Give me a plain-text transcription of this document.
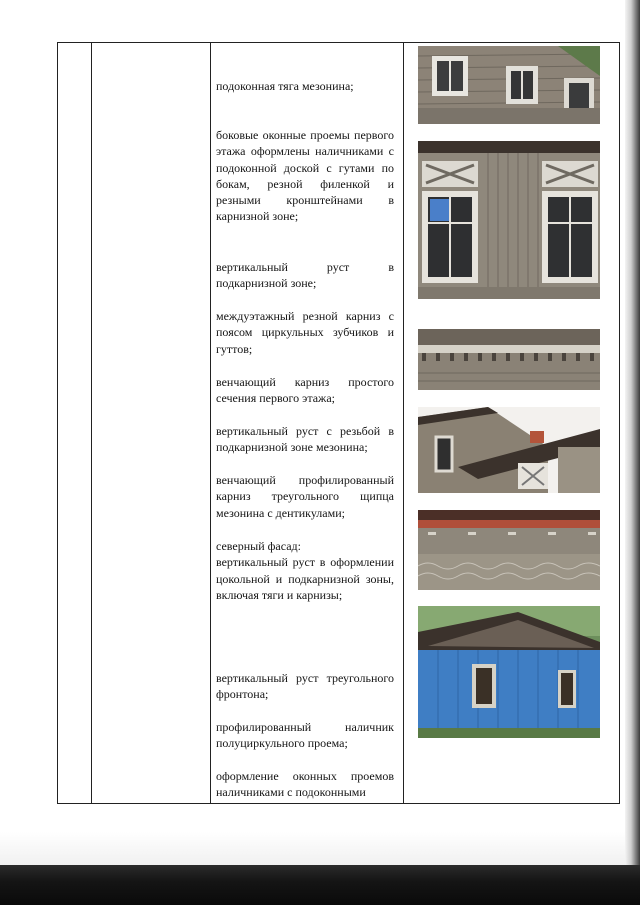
подоконная тяга мезонина;
боковые оконные проемы первого этажа оформлены наличниками с подоконной доской с гутами по бокам, резной филенкой и резными кронштейнами в карнизной зоне;
вертикальный руст в подкарнизной зоне;
междуэтажный резной карниз с поясом циркульных зубчиков и гуттов;
венчающий карниз простого сечения первого этажа;
вертикальный руст с резьбой в подкарнизной зоне мезонина;
венчающий профилированный карниз треугольного щипца мезонина с дентикулами;
северный фасад:
вертикальный руст в оформлении цокольной и подкарнизной зоны, включая тяги и карнизы;
вертикальный руст треугольного фронтона;
профилированный наличник полуциркульного проема;
оформление оконных проемов наличниками с подоконными
